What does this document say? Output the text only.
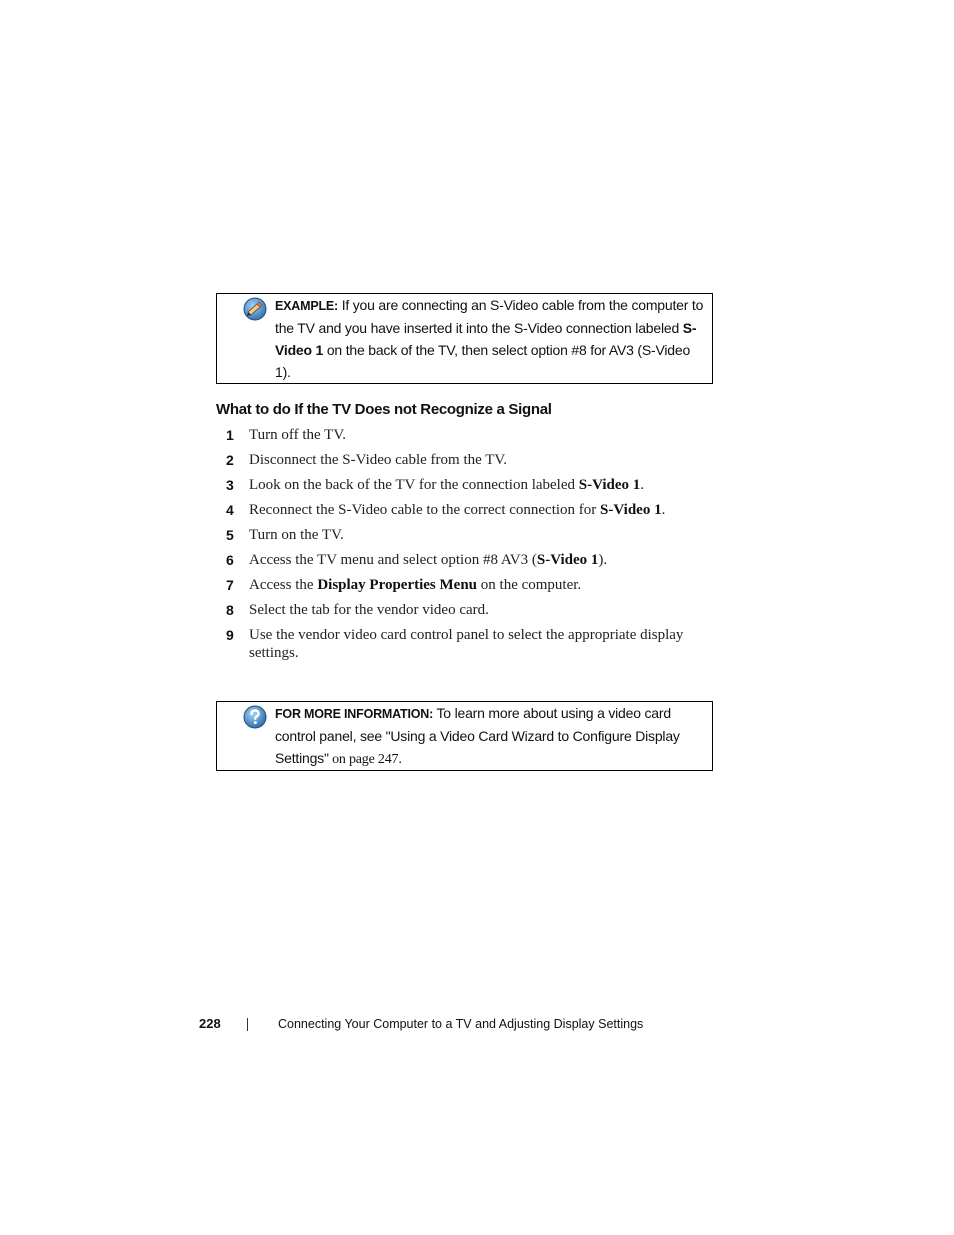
EXAMPLE: If you are connecting an S-Video cable from the computer to the TV and you have inserted it into the S-Video connection labeled S-Video 1 on the back of the TV, then select option #8 for AV3 (S-Video 1).
What to do If the TV Does not Recognize a Signal
1 Turn off the TV.
2 Disconnect the S-Video cable from the TV.
3 Look on the back of the TV for the connection labeled S-Video 1.
4 Reconnect the S-Video cable to the correct connection for S-Video 1.
5 Turn on the TV.
6 Access the TV menu and select option #8 AV3 (S-Video 1).
7 Access the Display Properties Menu on the computer.
8 Select the tab for the vendor video card.
9 Use the vendor video card control panel to select the appropriate display settings.
FOR MORE INFORMATION: To learn more about using a video card control panel, see "Using a Video Card Wizard to Configure Display Settings" on page 247.
228	Connecting Your Computer to a TV and Adjusting Display Settings
